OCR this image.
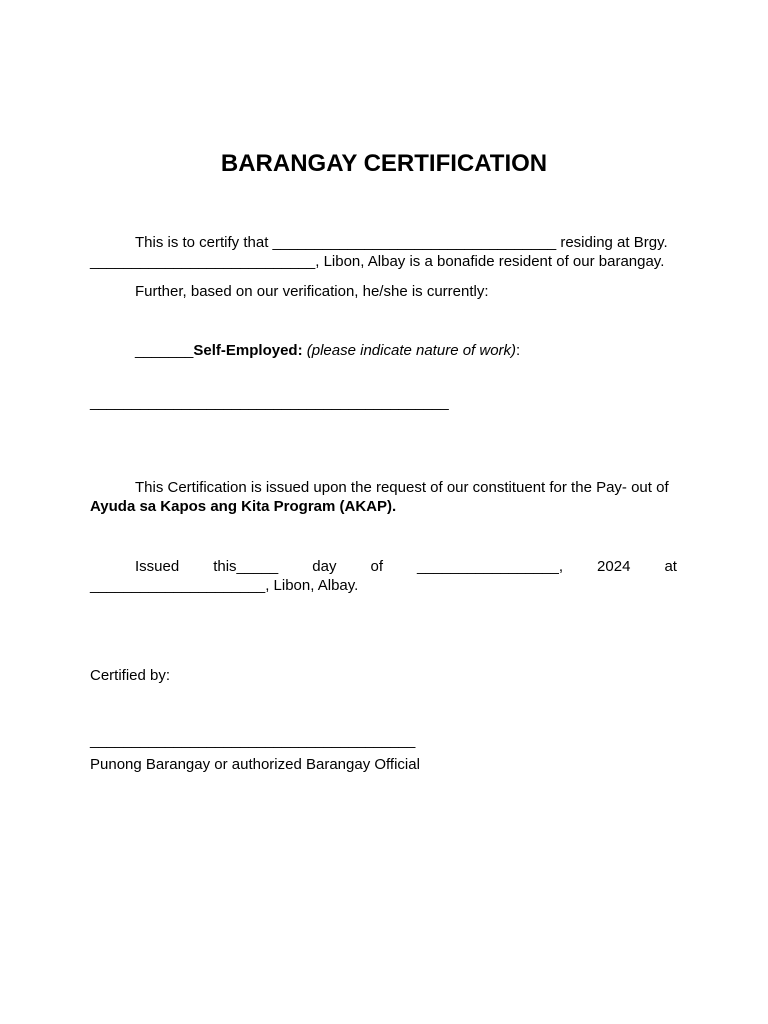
BARANGAY CERTIFICATION
This is to certify that __________________________________ residing at Brgy.
___________________________, Libon, Albay is a bonafide resident of our barangay.
Further, based on our verification, he/she is currently:
_______Self-Employed: (please indicate nature of work):
___________________________________________
This Certification is issued upon the request of our constituent for the Pay- out of
Ayuda sa Kapos ang Kita Program (AKAP).
Issued this_____ day of _________________, 2024 at
_____________________, Libon, Albay.
Certified by:
_______________________________________
Punong Barangay or authorized Barangay Official
